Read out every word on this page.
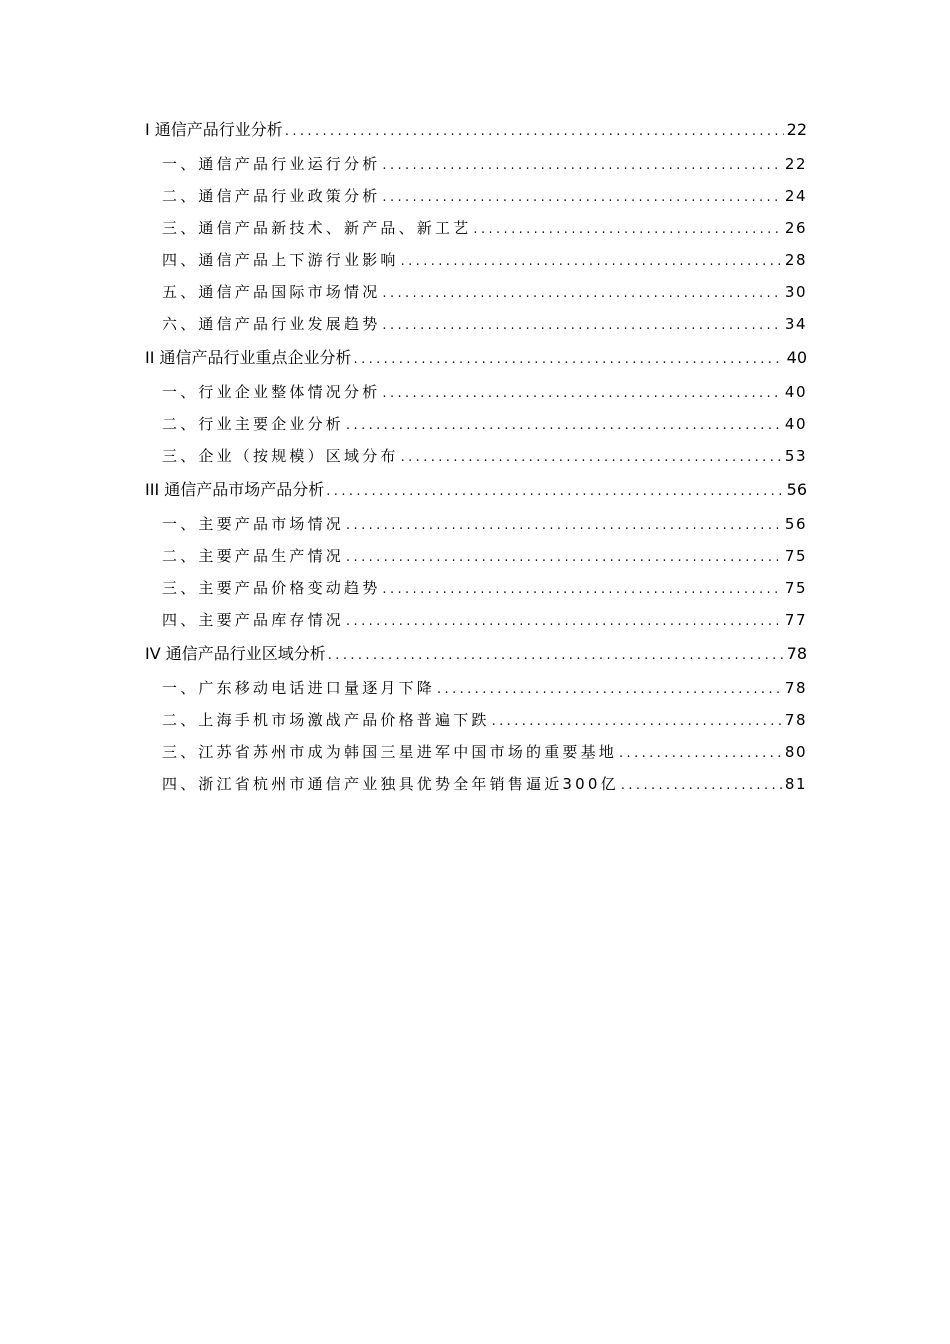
I 通信产品行业分析 .....	22
一、通信产品行业运行分析 .....	22
二、通信产品行业政策分析 .....	24
三、通信产品新技术、新产品、新工艺 .....	26
四、通信产品上下游行业影响 .....	28
五、通信产品国际市场情况 .....	30
六、通信产品行业发展趋势 .....	34
II 通信产品行业重点企业分析 .....	40
一、行业企业整体情况分析 .....	40
二、行业主要企业分析 .....	40
三、企业（按规模）区域分布 .....	53
III 通信产品市场产品分析 .....	56
一、主要产品市场情况 .....	56
二、主要产品生产情况 .....	75
三、主要产品价格变动趋势 .....	75
四、主要产品库存情况 .....	77
IV 通信产品行业区域分析 .....	78
一、广东移动电话进口量逐月下降 .....	78
二、上海手机市场激战产品价格普遍下跌 .....	78
三、江苏省苏州市成为韩国三星进军中国市场的重要基地 .....	80
四、浙江省杭州市通信产业独具优势全年销售逼近300亿 .....	81
